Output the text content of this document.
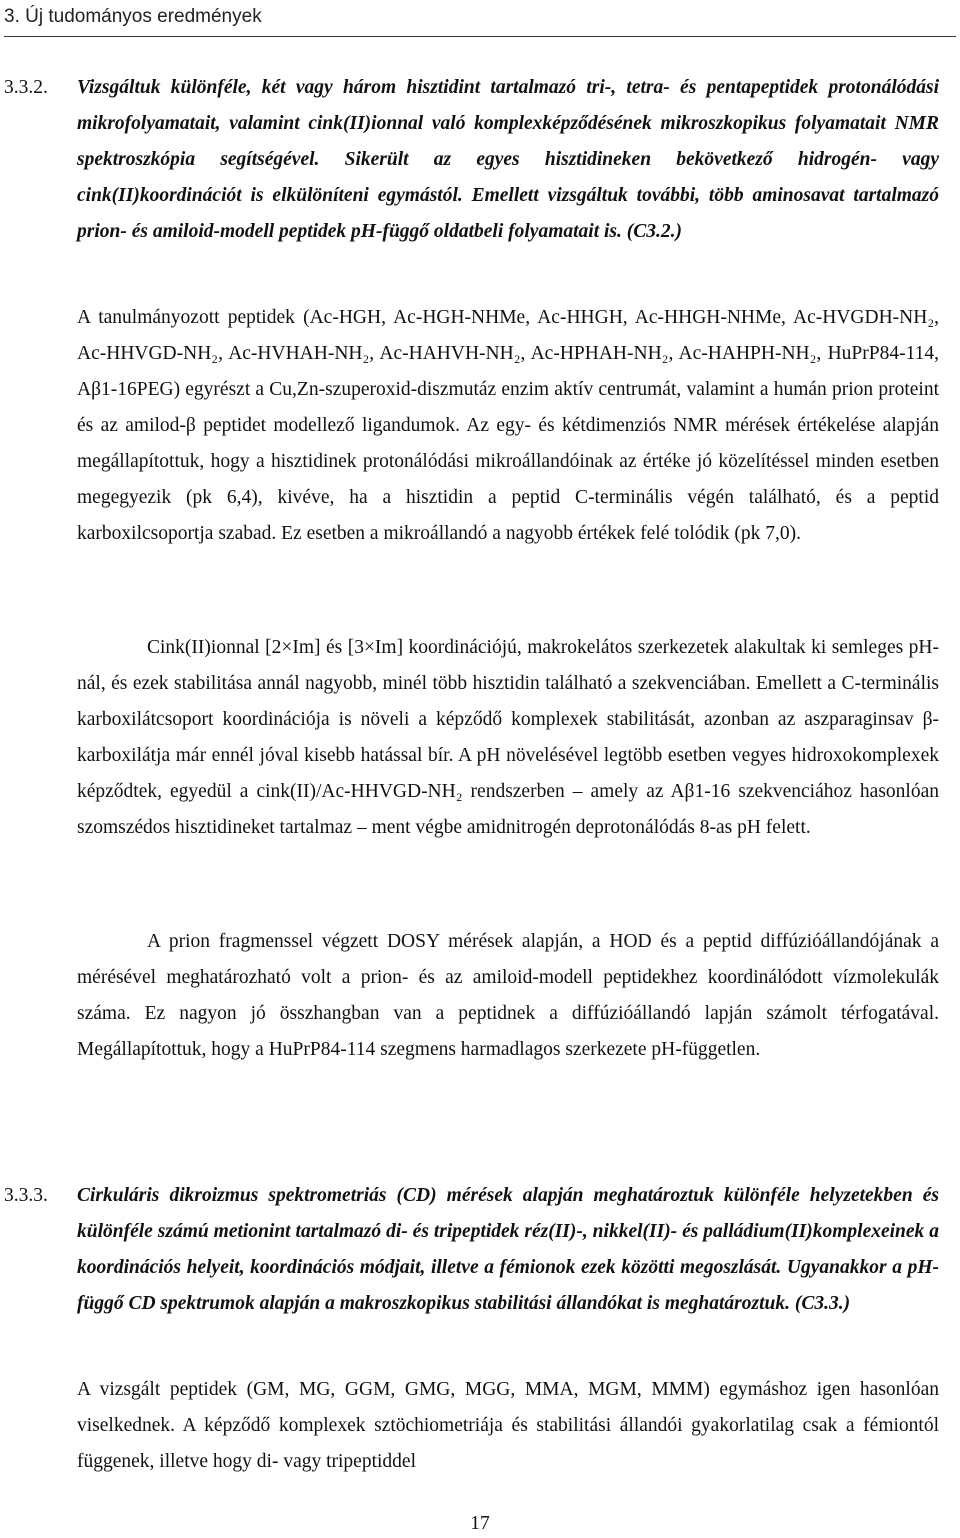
3. Új tudományos eredmények
3.3.2. Vizsgáltuk különféle, két vagy három hisztidint tartalmazó tri-, tetra- és pentapeptidek protonálódási mikrofolyamatait, valamint cink(II)ionnal való komplexképződésének mikroszkopikus folyamatait NMR spektroszkópia segítségével. Sikerült az egyes hisztidineken bekövetkező hidrogén- vagy cink(II)koordinációt is elkülöníteni egymástól. Emellett vizsgáltuk további, több aminosavat tartalmazó prion- és amiloid-modell peptidek pH-függő oldatbeli folyamatait is. (C3.2.)

A tanulmányozott peptidek (Ac-HGH, Ac-HGH-NHMe, Ac-HHGH, Ac-HHGH-NHMe, Ac-HVGDH-NH₂, Ac-HHVGD-NH₂, Ac-HVHAH-NH₂, Ac-HAHVH-NH₂, Ac-HPHAH-NH₂, Ac-HAHPH-NH₂, HuPrP84-114, Aβ1-16PEG) egyrészt a Cu,Zn-szuperoxid-diszmutáz enzim aktív centrumát, valamint a humán prion proteint és az amilod-β peptidet modellező ligandumok. Az egy- és kétdimenziós NMR mérések értékelése alapján megállapítottuk, hogy a hisztidinek protonálódási mikroállandóinak az értéke jó közelítéssel minden esetben megegyezik (pk 6,4), kivéve, ha a hisztidin a peptid C-terminális végén található, és a peptid karboxilcsoportja szabad. Ez esetben a mikroállandó a nagyobb értékek felé tolódik (pk 7,0).

Cink(II)ionnal [2×Im] és [3×Im] koordinációjú, makrokelátos szerkezetek alakultak ki semleges pH-nál, és ezek stabilitása annál nagyobb, minél több hisztidin található a szekvenciában. Emellett a C-terminális karboxilátcsoport koordinációja is növeli a képződő komplexek stabilitását, azonban az aszparaginsav β-karboxilátja már ennél jóval kisebb hatással bír. A pH növelésével legtöbb esetben vegyes hidroxokomplexek képződtek, egyedül a cink(II)/Ac-HHVGD-NH₂ rendszerben – amely az Aβ1-16 szekvenciához hasonlóan szomszédos hisztidineket tartalmaz – ment végbe amidnitrogén deprotonálódás 8-as pH felett.

A prion fragmenssel végzett DOSY mérések alapján, a HOD és a peptid diffúzióállandójának a mérésével meghatározható volt a prion- és az amiloid-modell peptidekhez koordinálódott vízmolekulák száma. Ez nagyon jó összhangban van a peptidnek a diffúzióállandó lapján számolt térfogatával. Megállapítottuk, hogy a HuPrP84-114 szegmens harmadlagos szerkezete pH-független.

3.3.3. Cirkuláris dikroizmus spektrometriás (CD) mérések alapján meghatároztuk különféle helyzetekben és különféle számú metionint tartalmazó di- és tripeptidek réz(II)-, nikkel(II)- és palládium(II)komplexeinek a koordinációs helyeit, koordinációs módjait, illetve a fémionok ezek közötti megoszlását. Ugyanakkor a pH-függő CD spektrumok alapján a makroszkopikus stabilitási állandókat is meghatároztuk. (C3.3.)

A vizsgált peptidek (GM, MG, GGM, GMG, MGG, MMA, MGM, MMM) egymáshoz igen hasonlóan viselkednek. A képződő komplexek sztöchiometriája és stabilitási állandói gyakorlatilag csak a fémiontól függenek, illetve hogy di- vagy tripeptiddel

17
